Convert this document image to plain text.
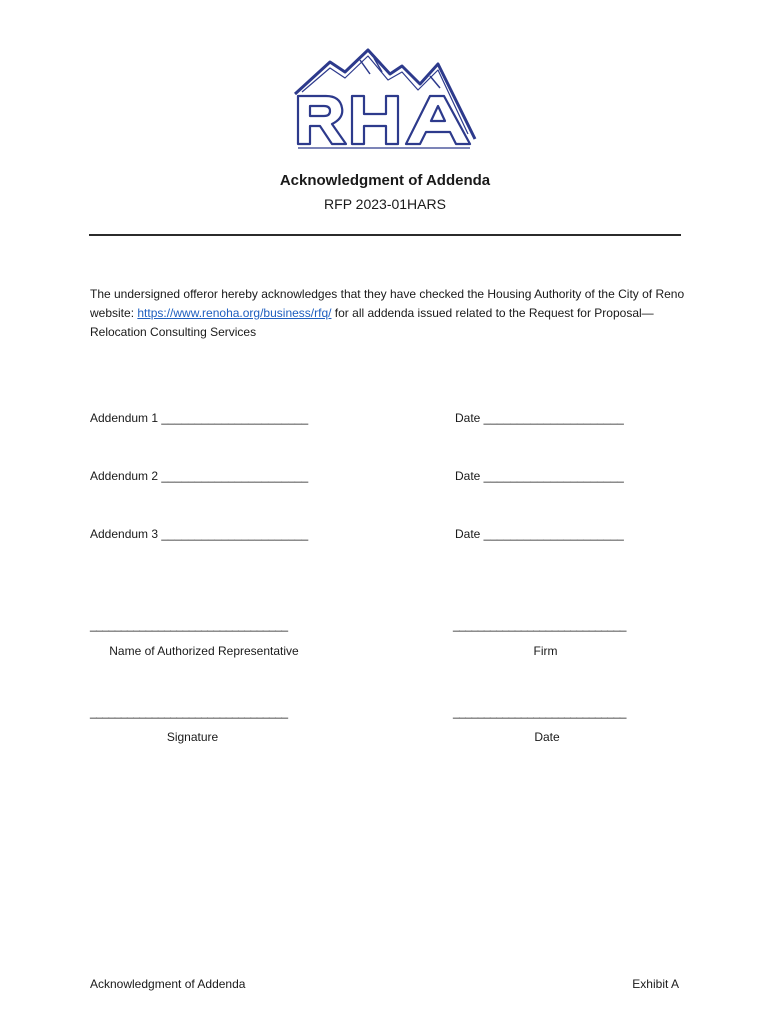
Acknowledgment of Addenda
RFP 2023-01HARS
The undersigned offeror hereby acknowledges that they have checked the Housing Authority of the City of Reno website: https://www.renoha.org/business/rfq/ for all addenda issued related to the Request for Proposal— Relocation Consulting Services
Addendum 1 ______________________	Date _____________________
Addendum 2 ______________________	Date _____________________
Addendum 3 ______________________	Date _____________________
________________________________	____________________________
Name of Authorized Representative	Firm
________________________________	____________________________
Signature	Date
Acknowledgment of Addenda	Exhibit A
